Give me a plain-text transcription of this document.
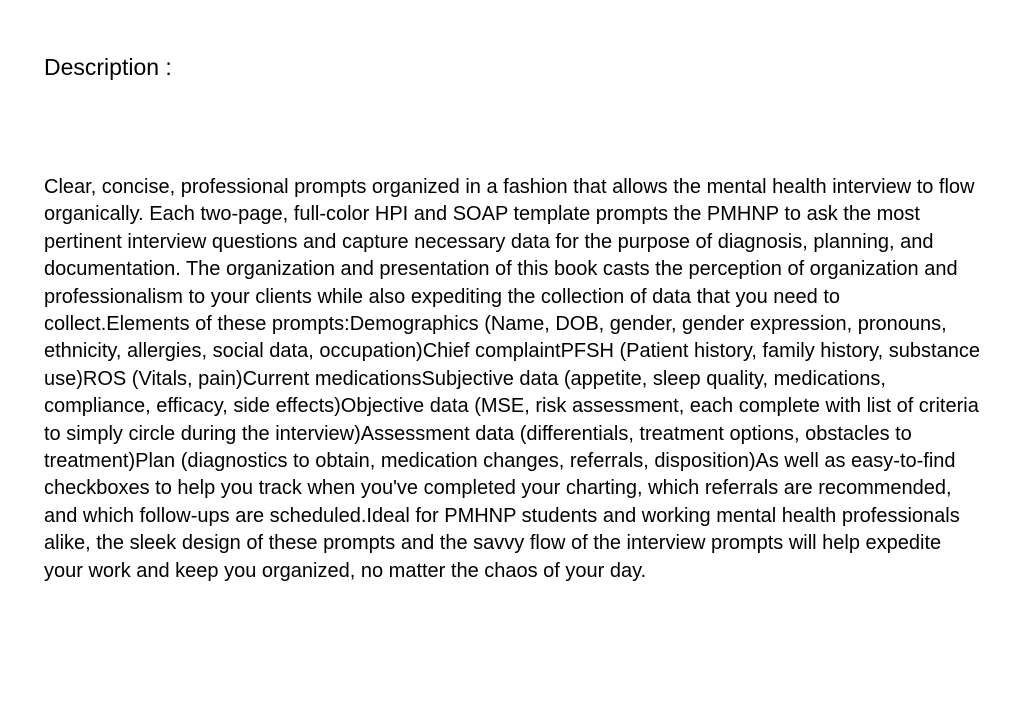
Description :

Clear, concise, professional prompts organized in a fashion that allows the mental health interview to flow organically. Each two-page, full-color HPI and SOAP template prompts the PMHNP to ask the most pertinent interview questions and capture necessary data for the purpose of diagnosis, planning, and documentation. The organization and presentation of this book casts the perception of organization and professionalism to your clients while also expediting the collection of data that you need to collect.Elements of these prompts:Demographics (Name, DOB, gender, gender expression, pronouns, ethnicity, allergies, social data, occupation)Chief complaintPFSH (Patient history, family history, substance use)ROS (Vitals, pain)Current medicationsSubjective data (appetite, sleep quality, medications, compliance, efficacy, side effects)Objective data (MSE, risk assessment, each complete with list of criteria to simply circle during the interview)Assessment data (differentials, treatment options, obstacles to treatment)Plan (diagnostics to obtain, medication changes, referrals, disposition)As well as easy-to-find checkboxes to help you track when you've completed your charting, which referrals are recommended, and which follow-ups are scheduled.Ideal for PMHNP students and working mental health professionals alike, the sleek design of these prompts and the savvy flow of the interview prompts will help expedite your work and keep you organized, no matter the chaos of your day.
